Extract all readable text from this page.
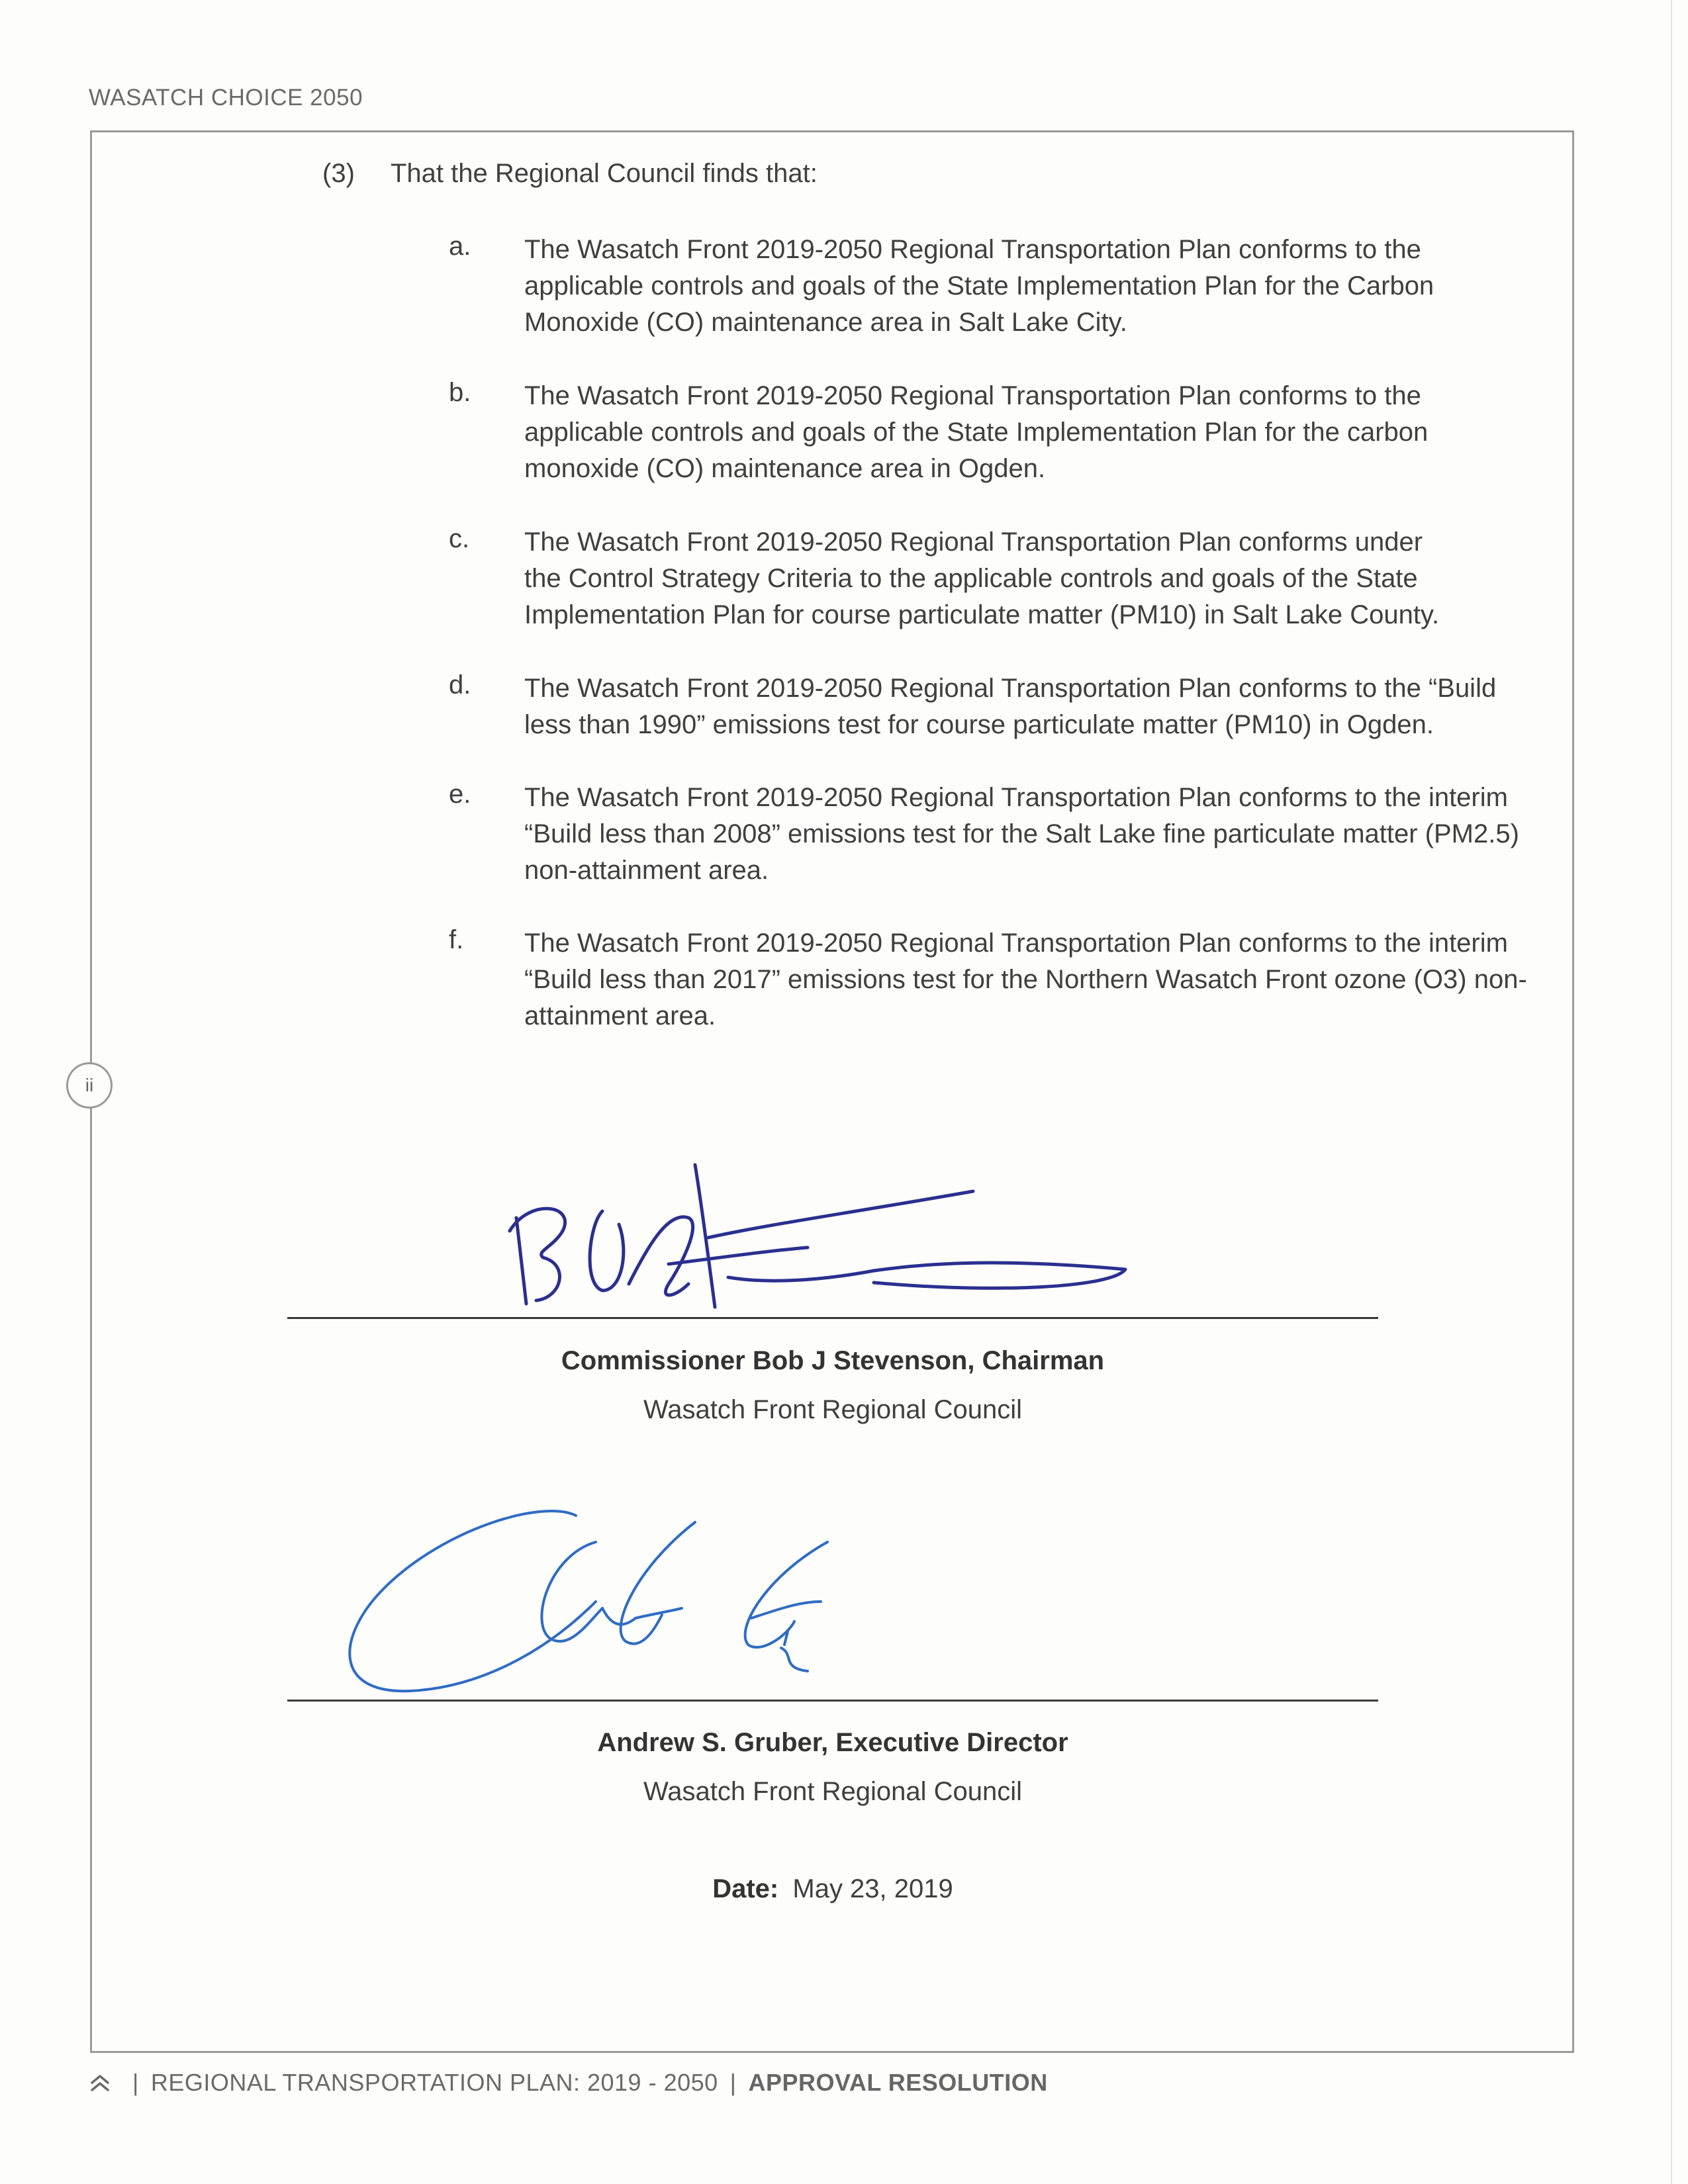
WASATCH CHOICE 2050
ii
(3) That the Regional Council finds that:
a. The Wasatch Front 2019-2050 Regional Transportation Plan conforms to the
applicable controls and goals of the State Implementation Plan for the Carbon
Monoxide (CO) maintenance area in Salt Lake City.
b. The Wasatch Front 2019-2050 Regional Transportation Plan conforms to the
applicable controls and goals of the State Implementation Plan for the carbon
monoxide (CO) maintenance area in Ogden.
c. The Wasatch Front 2019-2050 Regional Transportation Plan conforms under
the Control Strategy Criteria to the applicable controls and goals of the State
Implementation Plan for course particulate matter (PM10) in Salt Lake County.
d. The Wasatch Front 2019-2050 Regional Transportation Plan conforms to the “Build
less than 1990” emissions test for course particulate matter (PM10) in Ogden.
e. The Wasatch Front 2019-2050 Regional Transportation Plan conforms to the interim
“Build less than 2008” emissions test for the Salt Lake fine particulate matter (PM2.5)
non-attainment area.
f. The Wasatch Front 2019-2050 Regional Transportation Plan conforms to the interim
“Build less than 2017” emissions test for the Northern Wasatch Front ozone (O3) non-
attainment area.
Commissioner Bob J Stevenson, Chairman
Wasatch Front Regional Council
Andrew S. Gruber, Executive Director
Wasatch Front Regional Council
Date: May 23, 2019
| REGIONAL TRANSPORTATION PLAN: 2019 - 2050 | APPROVAL RESOLUTION
